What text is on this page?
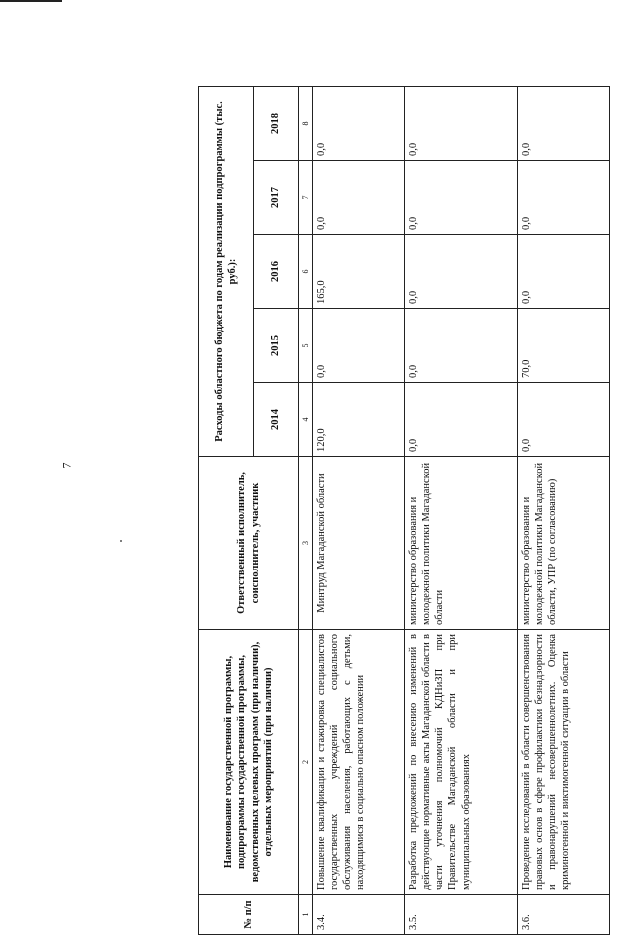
7
№ п/п	Наименование государственной программы, подпрограммы государственной программы, ведомственных целевых программ (при наличии), отдельных мероприятий (при наличии)	Ответственный исполнитель, соисполнитель, участник	Расходы областного бюджета по годам реализации подпрограммы (тыс. руб.):				
			2014	2015	2016	2017	2018
1	2	3	4	5	6	7	8
3.4.	Повышение квалификации и стажировка специалистов государственных учреждений социального обслуживания населения, работающих с детьми, находящимися в социально опасном положении	Минтруд Магаданской области	120,0	0,0	165,0	0,0	0,0
3.5.	Разработка предложений по внесению изменений в действующие нормативные акты Магаданской области в части уточнения полномочий КДНиЗП при Правительстве Магаданской области и при муниципальных образованиях	министерство образования и молодежной политики Магаданской области	0,0	0,0	0,0	0,0	0,0
3.6.	Проведение исследований в области совершенствования правовых основ в сфере профилактики безнадзорности и правонарушений несовершеннолетних. Оценка криминогенной и виктимогенной ситуации в области	министерство образования и молодежной политики Магаданской области, УПР (по согласованию)	0,0	70,0	0,0	0,0	0,0
